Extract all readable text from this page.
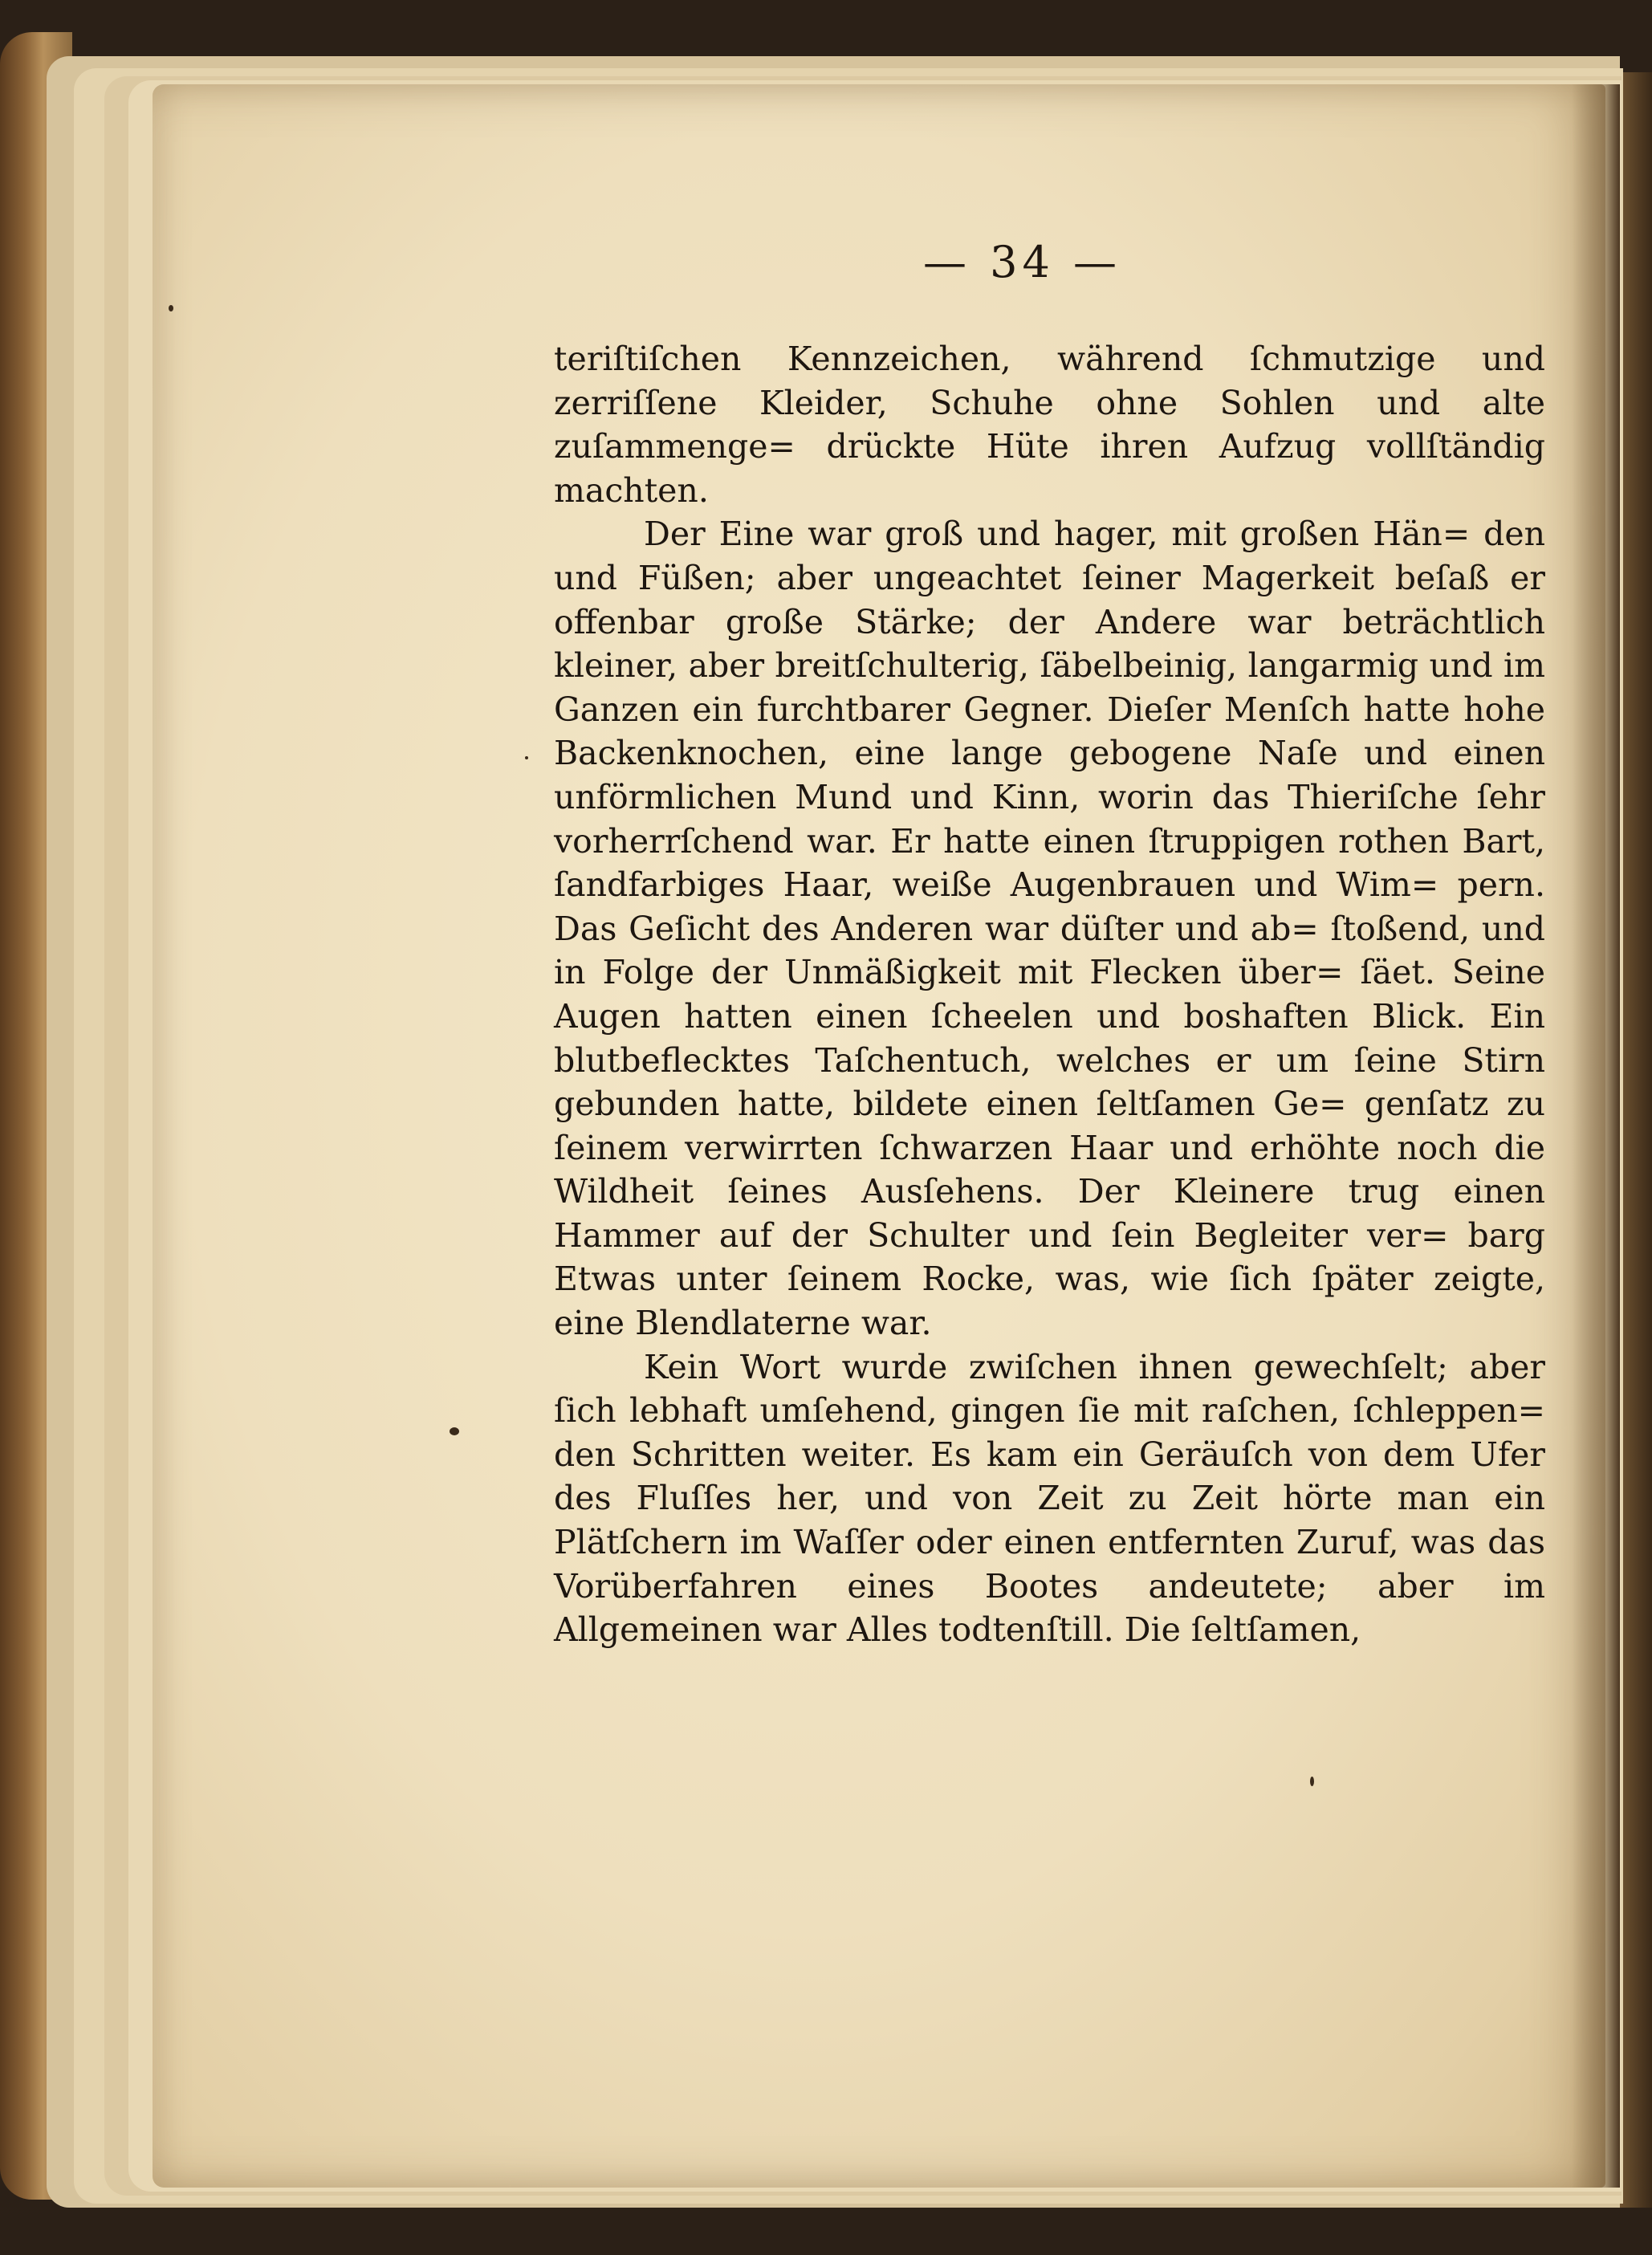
— 34 —

teriſtiſchen Kennzeichen, während ſchmutzige und zerriſſene Kleider, Schuhe ohne Sohlen und alte zuſammenge= drückte Hüte ihren Aufzug vollſtändig machten.

Der Eine war groß und hager, mit großen Hän= den und Füßen; aber ungeachtet ſeiner Magerkeit beſaß er offenbar große Stärke; der Andere war beträchtlich kleiner, aber breitſchulterig, ſäbelbeinig, langarmig und im Ganzen ein furchtbarer Gegner. Dieſer Menſch hatte hohe Backenknochen, eine lange gebogene Naſe und einen unförmlichen Mund und Kinn, worin das Thieriſche ſehr vorherrſchend war. Er hatte einen ſtruppigen rothen Bart, ſandfarbiges Haar, weiße Augenbrauen und Wim= pern. Das Geſicht des Anderen war düſter und ab= ſtoßend, und in Folge der Unmäßigkeit mit Flecken über= ſäet. Seine Augen hatten einen ſcheelen und boshaften Blick. Ein blutbeflecktes Taſchentuch, welches er um ſeine Stirn gebunden hatte, bildete einen ſeltſamen Ge= genſatz zu ſeinem verwirrten ſchwarzen Haar und erhöhte noch die Wildheit ſeines Ausſehens. Der Kleinere trug einen Hammer auf der Schulter und ſein Begleiter ver= barg Etwas unter ſeinem Rocke, was, wie ſich ſpäter zeigte, eine Blendlaterne war.

Kein Wort wurde zwiſchen ihnen gewechſelt; aber ſich lebhaft umſehend, gingen ſie mit raſchen, ſchleppen= den Schritten weiter. Es kam ein Geräuſch von dem Ufer des Fluſſes her, und von Zeit zu Zeit hörte man ein Plätſchern im Waſſer oder einen entfernten Zuruf, was das Vorüberfahren eines Bootes andeutete; aber im Allgemeinen war Alles todtenſtill. Die ſeltſamen,
